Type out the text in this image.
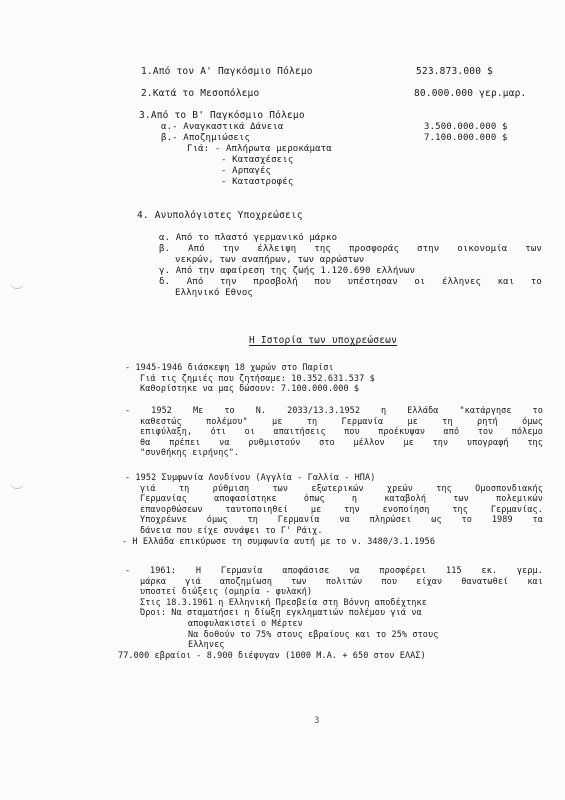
1.Από τον Α' Παγκόσμιο Πόλεμο	523.873.000 $
2.Κατά το Μεσοπόλεμο	80.000.000 γερ.μαρ.
3.Από το Β' Παγκόσμιο Πόλεμο
α.- Αναγκαστικά Δάνεια	3.500.000.000 $
β.- Αποζημιώσεις	7.100.000.000 $
Γιά: - Απλήρωτα μεροκάματα
- Κατασχέσεις
- Αρπαγές
- Καταστροφές
4. Ανυπολόγιστες Υποχρεώσεις
α. Από το πλαστό γερμανικό μάρκο
β. Από την έλλειψη της προσφοράς στην οικονομία των
νεκρών, των αναπήρων, των αρρώστων
γ. Από την αφαίρεση της ζωής 1.120.690 ελλήνων
δ. Από την προσβολή που υπέστησαν οι έλληνες και το
Ελληνικό Εθνος
Η Ιστορία των υποχρεώσεων
- 1945-1946 διάσκεψη 18 χωρών στο Παρίσι
Γιά τις ζημιές που ζητήσαμε: 10.352.631.537 $
Καθορίστηκε να μας δώσουν: 7.100.000.000 $
- 1952 Με το Ν. 2033/13.3.1952 η Ελλάδα "κατάργησε το
καθεστώς πολέμου" με τη Γερμανία με τη ρητή όμως
επιφύλαξη, ότι οι απαιτήσεις που προέκυψαν από τον πόλεμο
θα πρέπει να ρυθμιστούν στο μέλλον με την υπογραφή της
"συνθήκης ειρήνης".
- 1952 Συμφωνία Λονδίνου (Αγγλία - Γαλλία - ΗΠΑ)
γιά τη ρύθμιση των εξωτερικών χρεών της Ομοσπονδιακής
Γερμανίας αποφασίστηκε όπως η καταβολή των πολεμικών
επανορθώσεων ταυτοποιηθεί με την ενοποίηση της Γερμανίας.
Υποχρέωνε όμως τη Γερμανία να πληρώσει ως το 1989 τα
δάνεια που είχε συνάψει το Γ' Ράιχ.
- Η Ελλάδα επικύρωσε τη συμφωνία αυτή με το ν. 3480/3.1.1956
- 1961: Η Γερμανία αποφάσισε να προσφέρει 115 εκ. γερμ.
μάρκα γιά αποζημίωση των πολιτών που είχαν θανατωθεί και
υποστεί διώξεις (ομηρία - φυλακή)
Στις 18.3.1961 η Ελληνική Πρεσβεία στη Βόννη αποδέχτηκε
Όροι: Να σταματήσει η δίωξη εγκληματιών πολέμου γιά να
αποφυλακιστεί ο Μέρτεν
Να δοθούν το 75% στους εβραίους και το 25% στους
Ελληνες
77.000 εβραίοι - 8.900 διέφυγαν (1000 Μ.Α. + 650 στον ΕΛΑΣ)
3
